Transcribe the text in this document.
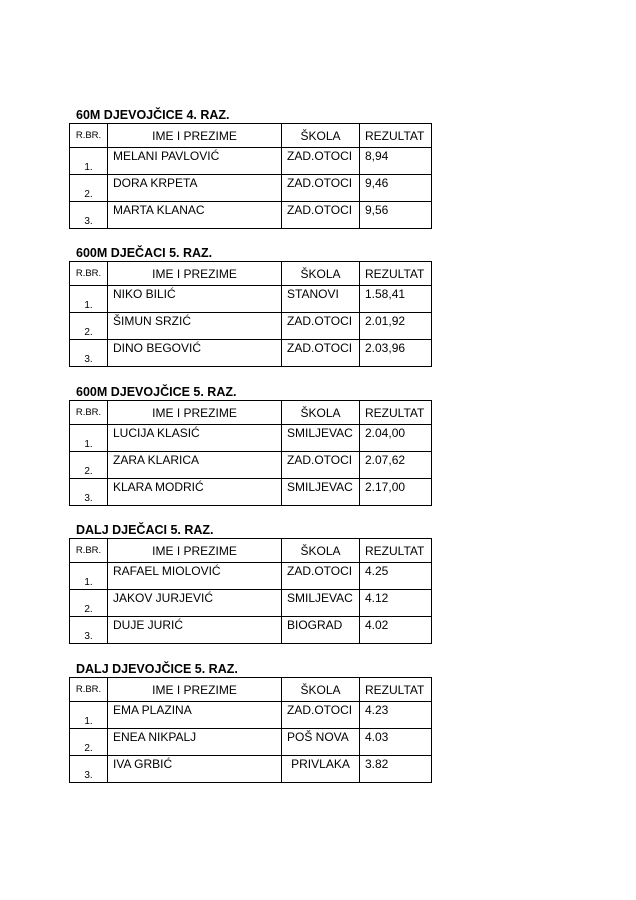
60M DJEVOJČICE 4. RAZ.
R.BR.	IME I PREZIME	ŠKOLA	REZULTAT
1.	MELANI PAVLOVIĆ	ZAD.OTOCI	8,94
2.	DORA KRPETA	ZAD.OTOCI	9,46
3.	MARTA KLANAC	ZAD.OTOCI	9,56
600M DJEČACI 5. RAZ.
R.BR.	IME I PREZIME	ŠKOLA	REZULTAT
1.	NIKO BILIĆ	STANOVI	1.58,41
2.	ŠIMUN SRZIĆ	ZAD.OTOCI	2.01,92
3.	DINO BEGOVIĆ	ZAD.OTOCI	2.03,96
600M DJEVOJČICE 5. RAZ.
R.BR.	IME I PREZIME	ŠKOLA	REZULTAT
1.	LUCIJA KLASIĆ	SMILJEVAC	2.04,00
2.	ZARA KLARICA	ZAD.OTOCI	2.07,62
3.	KLARA MODRIĆ	SMILJEVAC	2.17,00
DALJ DJEČACI 5. RAZ.
R.BR.	IME I PREZIME	ŠKOLA	REZULTAT
1.	RAFAEL MIOLOVIĆ	ZAD.OTOCI	4.25
2.	JAKOV JURJEVIĆ	SMILJEVAC	4.12
3.	DUJE JURIĆ	BIOGRAD	4.02
DALJ DJEVOJČICE 5. RAZ.
R.BR.	IME I PREZIME	ŠKOLA	REZULTAT
1.	EMA PLAZINA	ZAD.OTOCI	4.23
2.	ENEA NIKPALJ	POŠ NOVA	4.03
3.	IVA GRBIĆ	PRIVLAKA	3.82
